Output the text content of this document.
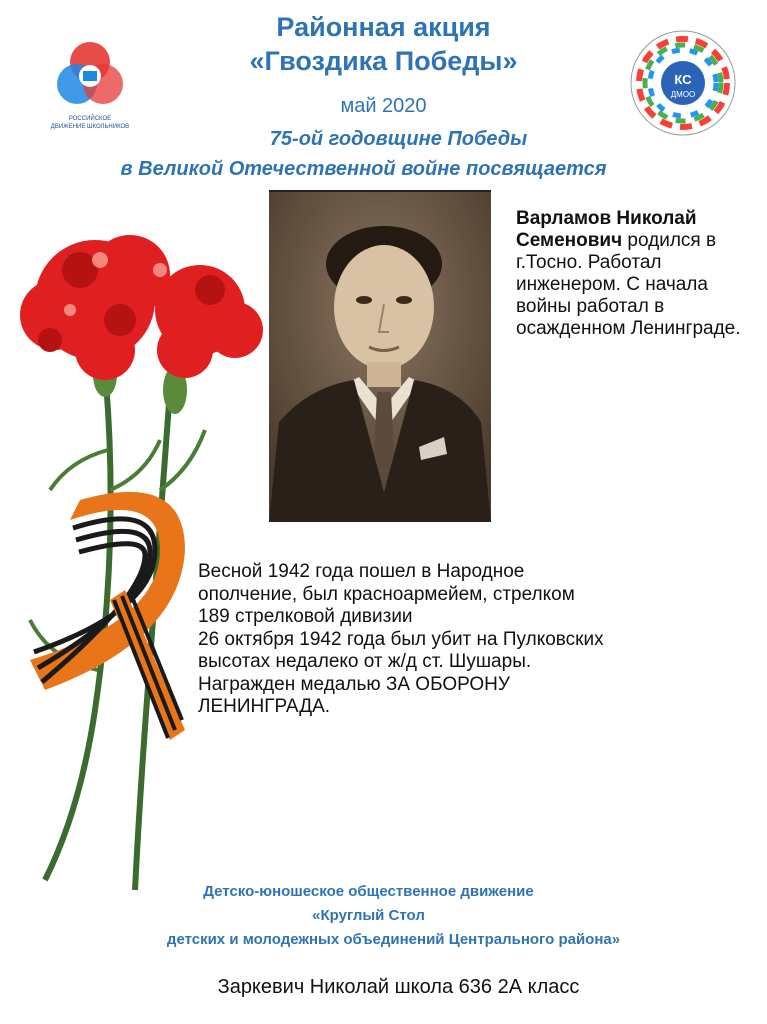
РОССИЙСКОЕ
ДВИЖЕНИЕ ШКОЛЬНИКОВ
КС
ДМОО
Районная акция
«Гвоздика Победы»
май 2020
75-ой годовщине Победы
в Великой Отечественной войне посвящается
Варламов Николай Семенович родился в г.Тосно. Работал инженером. С начала войны работал в осажденном Ленинграде.

Весной 1942 года пошел в Народное

ополчение, был красноармейем, стрелком

189 стрелковой дивизии

26 октября 1942 года был убит на Пулковских

высотах недалеко от ж/д ст. Шушары.

Награжден медалью ЗА ОБОРОНУ

ЛЕНИНГРАДА.

Детско-юношеское общественное движение
«Круглый Стол
детских и молодежных объединений Центрального района»
Заркевич Николай школа 636 2А класс
